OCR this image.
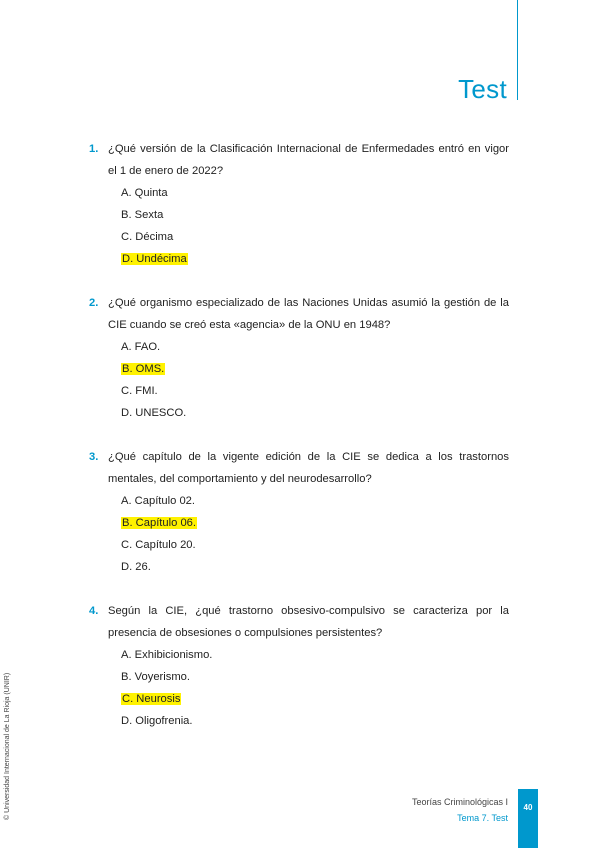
Test
1. ¿Qué versión de la Clasificación Internacional de Enfermedades entró en vigor el 1 de enero de 2022?
A. Quinta
B. Sexta
C. Décima
D. Undécima
2. ¿Qué organismo especializado de las Naciones Unidas asumió la gestión de la CIE cuando se creó esta «agencia» de la ONU en 1948?
A. FAO.
B. OMS.
C. FMI.
D. UNESCO.
3. ¿Qué capítulo de la vigente edición de la CIE se dedica a los trastornos mentales, del comportamiento y del neurodesarrollo?
A. Capítulo 02.
B. Capítulo 06.
C. Capítulo 20.
D. 26.
4. Según la CIE, ¿qué trastorno obsesivo-compulsivo se caracteriza por la presencia de obsesiones o compulsiones persistentes?
A. Exhibicionismo.
B. Voyerismo.
C. Neurosis
D. Oligofrenia.
© Universidad Internacional de La Rioja (UNIR)	Teorías Criminológicas I
Tema 7. Test
40
